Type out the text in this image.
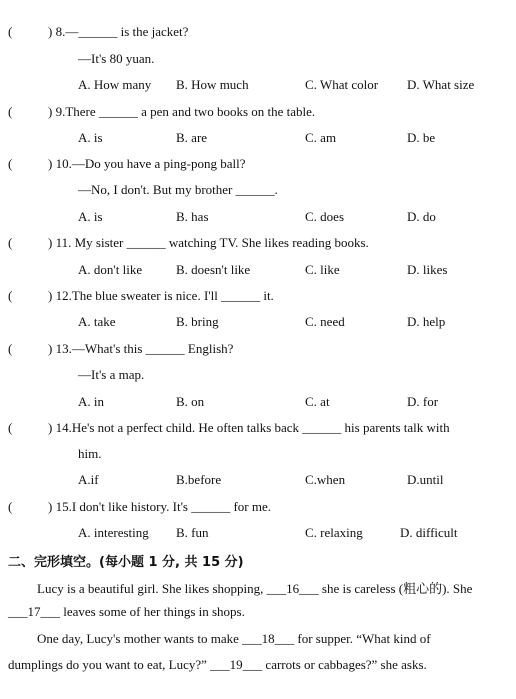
(	) 8.—______ is the jacket?
—It's 80 yuan.
A. How many B. How much	C. What color D. What size
(	) 9.There ______ a pen and two books on the table.
A. is	B. are	C. am	D. be
(	) 10.—Do you have a ping-pong ball?
—No, I don't. But my brother ______.
A. is	B. has	C. does	D. do
(	) 11. My sister ______ watching TV. She likes reading books.
A. don't like	B. doesn't like	C. like	D. likes
(	) 12.The blue sweater is nice. I'll ______ it.
A. take	B. bring	C. need	D. help
(	) 13.—What's this ______ English?
—It's a map.
A. in	B. on	C. at	D. for
(	) 14.He's not a perfect child. He often talks back ______ his parents talk with
him.
A.if	B.before	C.when	D.until
(	) 15.I don't like history. It's ______ for me.
A. interesting B. fun	C. relaxing	D. difficult
二、完形填空。(每小题 1 分, 共 15 分)
Lucy is a beautiful girl. She likes shopping, ___16___ she is careless (粗心的). She
___17___ leaves some of her things in shops.
One day, Lucy's mother wants to make ___18___ for supper. “What kind of
dumplings do you want to eat, Lucy?” ___19___ carrots or cabbages?” she asks.
